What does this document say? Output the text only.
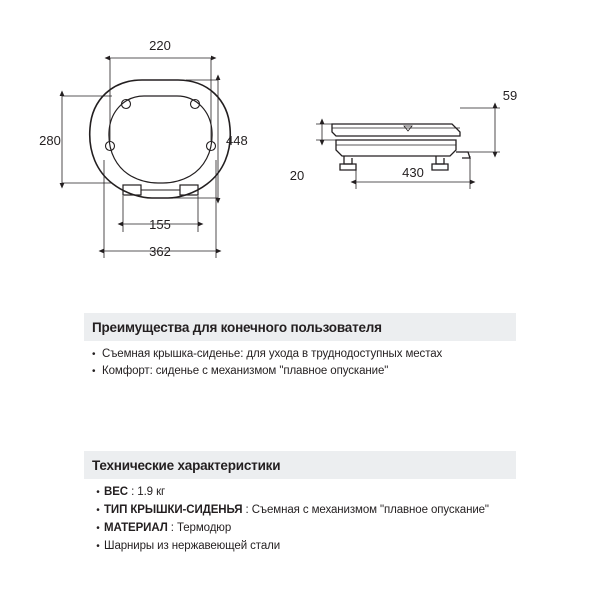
220
280	448
155
362
59
20	430
Преимущества для конечного пользователя
• Съемная крышка-сиденье: для ухода в труднодоступных местах
• Комфорт: сиденье с механизмом "плавное опускание"
Технические характеристики
• ВЕС : 1.9 кг
• ТИП КРЫШКИ-СИДЕНЬЯ : Съемная с механизмом "плавное опускание"
• МАТЕРИАЛ : Термодюр
• Шарниры из нержавеющей стали
